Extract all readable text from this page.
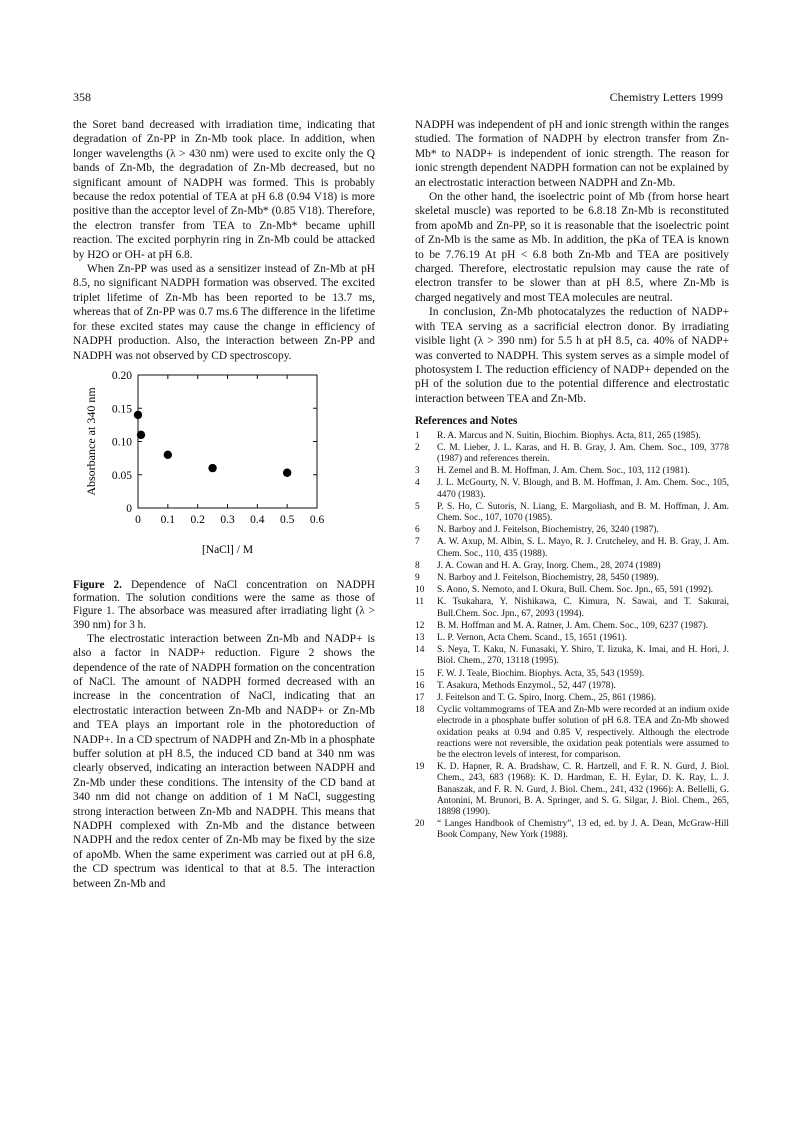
358	Chemistry Letters 1999

the Soret band decreased with irradiation time, indicating that degradation of Zn-PP in Zn-Mb took place. In addition, when longer wavelengths (λ > 430 nm) were used to excite only the Q bands of Zn-Mb, the degradation of Zn-Mb decreased, but no significant amount of NADPH was formed. This is probably because the redox potential of TEA at pH 6.8 (0.94 V18) is more positive than the acceptor level of Zn-Mb* (0.85 V18). Therefore, the electron transfer from TEA to Zn-Mb* became uphill reaction. The excited porphyrin ring in Zn-Mb could be attacked by H2O or OH- at pH 6.8.

When Zn-PP was used as a sensitizer instead of Zn-Mb at pH 8.5, no significant NADPH formation was observed. The excited triplet lifetime of Zn-Mb has been reported to be 13.7 ms, whereas that of Zn-PP was 0.7 ms.6 The difference in the lifetime for these excited states may cause the change in efficiency of NADPH production. Also, the interaction between Zn-PP and NADPH was not observed by CD spectroscopy.

0 0.1 0.2 0.3 0.4 0.5 0.6
0
0.05
0.10
0.15
0.20
[NaCl] / M
Absorbance at 340 nm

Figure 2. Dependence of NaCl concentration on NADPH formation. The solution conditions were the same as those of Figure 1. The absorbace was measured after irradiating light (λ > 390 nm) for 3 h.

The electrostatic interaction between Zn-Mb and NADP+ is also a factor in NADP+ reduction. Figure 2 shows the dependence of the rate of NADPH formation on the concentration of NaCl. The amount of NADPH formed decreased with an increase in the concentration of NaCl, indicating that an electrostatic interaction between Zn-Mb and NADP+ or Zn-Mb and TEA plays an important role in the photoreduction of NADP+. In a CD spectrum of NADPH and Zn-Mb in a phosphate buffer solution at pH 8.5, the induced CD band at 340 nm was clearly observed, indicating an interaction between NADPH and Zn-Mb under these conditions. The intensity of the CD band at 340 nm did not change on addition of 1 M NaCl, suggesting strong interaction between Zn-Mb and NADPH. This means that NADPH complexed with Zn-Mb and the distance between NADPH and the redox center of Zn-Mb may be fixed by the size of apoMb. When the same experiment was carried out at pH 6.8, the CD spectrum was identical to that at 8.5. The interaction between Zn-Mb and

NADPH was independent of pH and ionic strength within the ranges studied. The formation of NADPH by electron transfer from Zn-Mb* to NADP+ is independent of ionic strength. The reason for ionic strength dependent NADPH formation can not be explained by an electrostatic interaction between NADPH and Zn-Mb.

On the other hand, the isoelectric point of Mb (from horse heart skeletal muscle) was reported to be 6.8.18 Zn-Mb is reconstituted from apoMb and Zn-PP, so it is reasonable that the isoelectric point of Zn-Mb is the same as Mb. In addition, the pKa of TEA is known to be 7.76.19 At pH < 6.8 both Zn-Mb and TEA are positively charged. Therefore, electrostatic repulsion may cause the rate of electron transfer to be slower than at pH 8.5, where Zn-Mb is charged negatively and most TEA molecules are neutral.

In conclusion, Zn-Mb photocatalyzes the reduction of NADP+ with TEA serving as a sacrificial electron donor. By irradiating visible light (λ > 390 nm) for 5.5 h at pH 8.5, ca. 40% of NADP+ was converted to NADPH. This system serves as a simple model of photosystem I. The reduction efficiency of NADP+ depended on the pH of the solution due to the potential difference and electrostatic interaction between TEA and Zn-Mb.

References and Notes
1	R. A. Marcus and N. Suitin, Biochim. Biophys. Acta, 811, 265 (1985).
2	C. M. Lieber, J. L. Karas, and H. B. Gray, J. Am. Chem. Soc., 109, 3778 (1987) and references therein.
3	H. Zemel and B. M. Hoffman, J. Am. Chem. Soc., 103, 112 (1981).
4	J. L. McGourty, N. V. Blough, and B. M. Hoffman, J. Am. Chem. Soc., 105, 4470 (1983).
5	P. S. Ho, C. Sutoris, N. Liang, E. Margoliash, and B. M. Hoffman, J. Am. Chem. Soc., 107, 1070 (1985).
6	N. Barboy and J. Feitelson, Biochemistry, 26, 3240 (1987).
7	A. W. Axup, M. Albin, S. L. Mayo, R. J. Crutcheley, and H. B. Gray, J. Am. Chem. Soc., 110, 435 (1988).
8	J. A. Cowan and H. A. Gray, Inorg. Chem., 28, 2074 (1989)
9	N. Barboy and J. Feitelson, Biochemistry, 28, 5450 (1989).
10	S. Aono, S. Nemoto, and I. Okura, Bull. Chem. Soc. Jpn., 65, 591 (1992).
11	K. Tsukahara, Y. Nishikawa, C. Kimura, N. Sawai, and T. Sakurai, Bull.Chem. Soc. Jpn., 67, 2093 (1994).
12	B. M. Hoffman and M. A. Ratner, J. Am. Chem. Soc., 109, 6237 (1987).
13	L. P. Vernon, Acta Chem. Scand., 15, 1651 (1961).
14	S. Neya, T. Kaku, N. Funasaki, Y. Shiro, T. Iizuka, K. Imai, and H. Hori, J. Biol. Chem., 270, 13118 (1995).
15	F. W. J. Teale, Biochim. Biophys. Acta, 35, 543 (1959).
16	T. Asakura, Methods Enzymol., 52, 447 (1978).
17	J. Feitelson and T. G. Spiro, Inorg. Chem., 25, 861 (1986).
18	Cyclic voltammograms of TEA and Zn-Mb were recorded at an indium oxide electrode in a phosphate buffer solution of pH 6.8. TEA and Zn-Mb showed oxidation peaks at 0.94 and 0.85 V, respectively. Although the electrode reactions were not reversible, the oxidation peak potentials were assumed to be the electron levels of interest, for comparison.
19	K. D. Hapner, R. A. Bradshaw, C. R. Hartzell, and F. R. N. Gurd, J. Biol. Chem., 243, 683 (1968): K. D. Hardman, E. H. Eylar, D. K. Ray, L. J. Banaszak, and F. R. N. Gurd, J. Biol. Chem., 241, 432 (1966): A. Bellelli, G. Antonini, M. Brunori, B. A. Springer, and S. G. Silgar, J. Biol. Chem., 265, 18898 (1990).
20	“ Langes Handbook of Chemistry”, 13 ed, ed. by J. A. Dean, McGraw-Hill Book Company, New York (1988).
